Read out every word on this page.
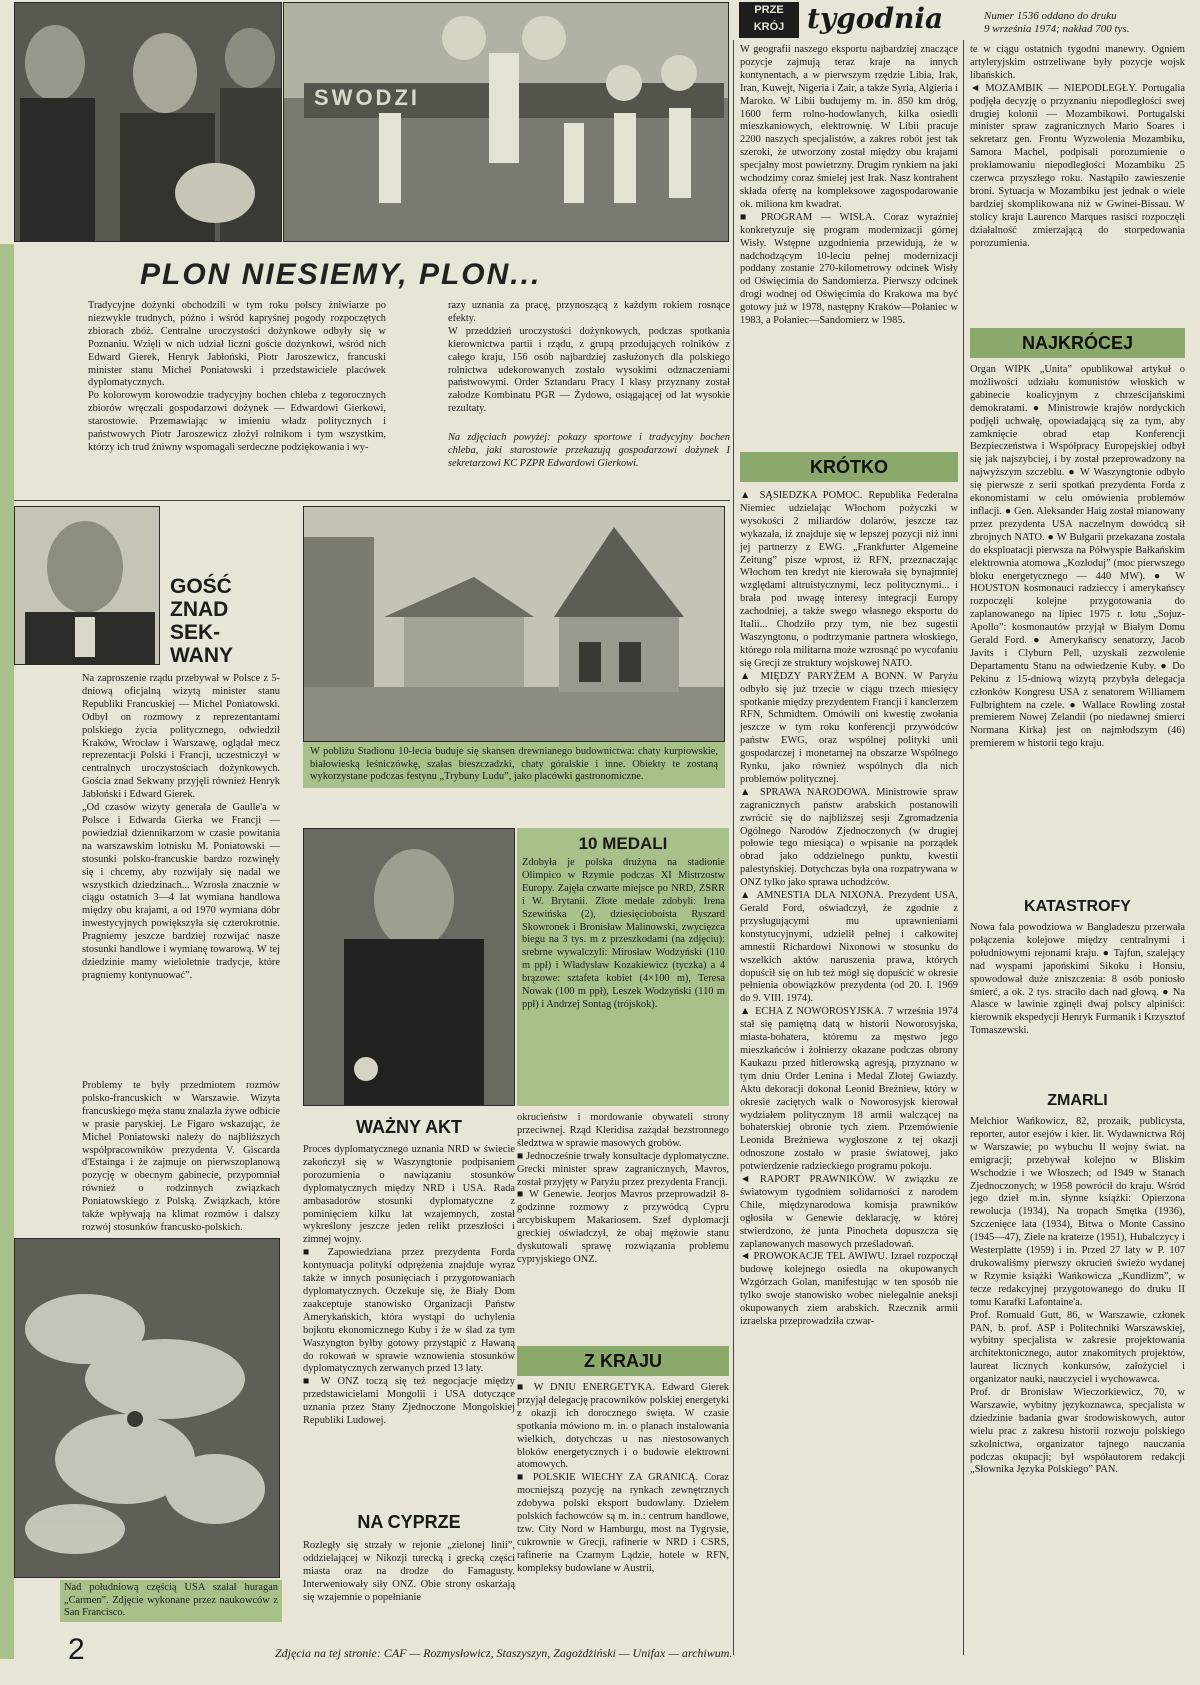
SWODZI
PRZE
KRÓJ tygodnia	Numer 1536 oddano do druku
9 września 1974; nakład 700 tys.
PLON NIESIEMY, PLON...
Tradycyjne dożynki obchodzili w tym roku polscy żniwiarze po niezwykle trudnych, późno i wśród kapryśnej pogody rozpoczętych zbiorach zbóż. Centralne uroczystości dożynkowe odbyły się w Poznaniu. Wzięli w nich udział liczni goście dożynkowi, wśród nich Edward Gierek, Henryk Jabłoński, Piotr Jaroszewicz, francuski minister stanu Michel Poniatowski i przedstawiciele placówek dyplomatycznych.
Po kolorowym korowodzie tradycyjny bochen chleba z tegorocznych zbiorów wręczali gospodarzowi dożynek — Edwardowi Gierkowi, starostowie. Przemawiając w imieniu władz politycznych i państwowych Piotr Jaroszewicz złożył rolnikom i tym wszystkim, którzy ich trud żniwny wspomagali serdeczne podziękowania i wy-
razy uznania za pracę, przynoszącą z każdym rokiem rosnące efekty.
W przeddzień uroczystości dożynkowych, podczas spotkania kierownictwa partii i rządu, z grupą przodujących rolników z całego kraju, 156 osób najbardziej zasłużonych dla polskiego rolnictwa udekorowanych zostało wysokimi odznaczeniami państwowymi. Order Sztandaru Pracy I klasy przyznany został załodze Kombinatu PGR — Żydowo, osiągającej od lat wysokie rezultaty.
Na zdjęciach powyżej: pokazy sportowe i tradycyjny bochen chleba, jaki starostowie przekazują gospodarzowi dożynek I sekretarzowi KC PZPR Edwardowi Gierkowi.
GOŚĆ
ZNAD
SEK-
WANY
Na zaproszenie rządu przebywał w Polsce z 5-dniową oficjalną wizytą minister stanu Republiki Francuskiej — Michel Poniatowski. Odbył on rozmowy z reprezentantami polskiego życia politycznego, odwiedził Kraków, Wrocław i Warszawę, oglądał mecz reprezentacji Polski i Francji, uczestniczył w centralnych uroczystościach dożynkowych. Gościa znad Sekwany przyjęli również Henryk Jabłoński i Edward Gierek.
„Od czasów wizyty generała de Gaulle'a w Polsce i Edwarda Gierka we Francji — powiedział dziennikarzom w czasie powitania na warszawskim lotnisku M. Poniatowski — stosunki polsko-francuskie bardzo rozwinęły się i chcemy, aby rozwijały się nadal we wszystkich dziedzinach... Wzrosła znacznie w ciągu ostatnich 3—4 lat wymiana handlowa między obu krajami, a od 1970 wymiana dóbr inwestycyjnych powiększyła się czterokrotnie. Pragniemy jeszcze bardziej rozwijać nasze stosunki handlowe i wymianę towarową. W tej dziedzinie mamy wieloletnie tradycje, które pragniemy kontynuować”.
Problemy te były przedmiotem rozmów polsko-francuskich w Warszawie. Wizyta francuskiego męża stanu znalazła żywe odbicie w prasie paryskiej. Le Figaro wskazując, że Michel Poniatowski należy do najbliższych współpracowników prezydenta V. Giscarda d'Estainga i że zajmuje on pierwszoplanową pozycję w obecnym gabinecie, przypomniał również o rodzinnych związkach Poniatowskiego z Polską. Związkach, które także wpływają na klimat rozmów i dalszy rozwój stosunków francusko-polskich.
Nad południową częścią USA szalał huragan „Carmen”. Zdjęcie wykonane przez naukowców z San Francisco.
W pobliżu Stadionu 10-lecia buduje się skansen drewnianego budownictwa: chaty kurpiowskie, białowieską leśniczówkę, szałas bieszczadzki, chaty góralskie i inne. Obiekty te zostaną wykorzystane podczas festynu „Trybuny Ludu”, jako placówki gastronomiczne.
10 MEDALI
Zdobyła je polska drużyna na stadionie Olimpico w Rzymie podczas XI Mistrzostw Europy. Zajęła czwarte miejsce po NRD, ZSRR i W. Brytanii. Złote medale zdobyli: Irena Szewińska (2), dziesięcioboista Ryszard Skowronek i Bronisław Malinowski, zwycięzca biegu na 3 tys. m z przeszkodami (na zdjęciu): srebrne wywalczyli: Mirosław Wodzyński (110 m ppł) i Władysław Kozakiewicz (tyczka) a 4 brązowe: sztafeta kobiet (4×100 m), Teresa Nowak (100 m ppł), Leszek Wodzyński (110 m ppł) i Andrzej Sontag (trójskok).
WAŻNY AKT
Proces dyplomatycznego uznania NRD w świecie zakończył się w Waszyngtonie podpisaniem porozumienia o nawiązaniu stosunków dyplomatycznych między NRD i USA. Rada ambasadorów stosunki dyplomatyczne z pominięciem kilku lat wzajemnych, został wykreślony jeszcze jeden relikt przeszłości i zimnej wojny.
■ Zapowiedziana przez prezydenta Forda kontynuacja polityki odprężenia znajduje wyraz także w innych posunięciach i przygotowaniach dyplomatycznych. Oczekuje się, że Biały Dom zaakceptuje stanowisko Organizacji Państw Amerykańskich, która wystąpi do uchylenia bojkotu ekonomicznego Kuby i że w ślad za tym Waszyngton byłby gotowy przystąpić z Hawaną do rokowań w sprawie wznowienia stosunków dyplomatycznych zerwanych przed 13 laty.
■ W ONZ toczą się też negocjacje między przedstawicielami Mongolii i USA dotyczące uznania przez Stany Zjednoczone Mongolskiej Republiki Ludowej.
okrucieństw i mordowanie obywateli strony przeciwnej. Rząd Kleridisa zażądał bezstronnego śledztwa w sprawie masowych grobów.
■ Jednocześnie trwały konsultacje dyplomatyczne. Grecki minister spraw zagranicznych, Mavros, został przyjęty w Paryżu przez prezydenta Francji.
■ W Genewie. Jeorjos Mavros przeprowadził 8-godzinne rozmowy z przywódcą Cypru arcybiskupem Makariosem. Szef dyplomacji greckiej oświadczył, że obaj mężowie stanu dyskutowali sprawę rozwiązania problemu cypryjskiego ONZ.
NA CYPRZE
Rozległy się strzały w rejonie „zielonej linii”, oddzielającej w Nikozji turecką i grecką części miasta oraz na drodze do Famagusty. Interweniowały siły ONZ. Obie strony oskarżają się wzajemnie o popełnianie
Z KRAJU
■ W DNIU ENERGETYKA. Edward Gierek przyjął delegację pracowników polskiej energetyki z okazji ich dorocznego święta. W czasie spotkania mówiono m. in. o planach instalowania wielkich, dotychczas u nas niestosowanych bloków energetycznych i o budowie elektrowni atomowych.
■ POLSKIE WIECHY ZA GRANICĄ. Coraz mocniejszą pozycję na rynkach zewnętrznych zdobywa polski eksport budowlany. Dziełem polskich fachowców są m. in.: centrum handlowe, tzw. City Nord w Hamburgu, most na Tygrysie, cukrownie w Grecji, rafinerie w NRD i CSRS, rafinerie na Czarnym Lądzie, hotele w RFN, kompleksy budowlane w Austrii,
W geografii naszego eksportu najbardziej znaczące pozycje zajmują teraz kraje na innych kontynentach, a w pierwszym rzędzie Libia, Irak, Iran, Kuwejt, Nigeria i Zair, a także Syria, Algieria i Maroko. W Libii budujemy m. in. 850 km dróg, 1600 ferm rolno-hodowlanych, kilka osiedli mieszkaniowych, elektrownię. W Libii pracuje 2200 naszych specjalistów, a zakres robót jest tak szeroki, że utworzony został między obu krajami specjalny most powietrzny. Drugim rynkiem na jaki wchodzimy coraz śmielej jest Irak. Nasz kontrahent składa ofertę na kompleksowe zagospodarowanie ok. miliona km kwadrat.
■ PROGRAM — WISŁA. Coraz wyraźniej konkretyzuje się program modernizacji górnej Wisły. Wstępne uzgodnienia przewidują, że w nadchodzącym 10-leciu pełnej modernizacji poddany zostanie 270-kilometrowy odcinek Wisły od Oświęcimia do Sandomierza. Pierwszy odcinek drogi wodnej od Oświęcimia do Krakowa ma być gotowy już w 1978, następny Kraków—Połaniec w 1983, a Połaniec—Sandomierz w 1985.
KRÓTKO
▲ SĄSIEDZKA POMOC. Republika Federalna Niemiec udzielając Włochom pożyczki w wysokości 2 miliardów dolarów, jeszcze raz wykazała, iż znajduje się w lepszej pozycji niż inni jej partnerzy z EWG. „Frankfurter Algemeine Zeitung” pisze wprost, iż RFN, przeznaczając Włochom ten kredyt nie kierowała się bynajmniej względami altruistycznymi, lecz politycznymi... i brała pod uwagę interesy integracji Europy zachodniej, a także swego własnego eksportu do Italii... Chodziło przy tym, nie bez sugestii Waszyngtonu, o podtrzymanie partnera włoskiego, którego rola militarna może wzrosnąć po wycofaniu się Grecji ze struktury wojskowej NATO.
▲ MIĘDZY PARYŻEM A BONN. W Paryżu odbyło się już trzecie w ciągu trzech miesięcy spotkanie między prezydentem Francji i kanclerzem RFN, Schmidtem. Omówili oni kwestię zwołania jeszcze w tym roku konferencji przywódców państw EWG, oraz wspólnej polityki unii gospodarczej i monetarnej na obszarze Wspólnego Rynku, jako również wspólnych dla nich problemów politycznej.
▲ SPRAWA NARODOWA. Ministrowie spraw zagranicznych państw arabskich postanowili zwrócić się do najbliższej sesji Zgromadzenia Ogólnego Narodów Zjednoczonych (w drugiej połowie tego miesiąca) o wpisanie na porządek obrad jako oddzielnego punktu, kwestii palestyńskiej. Dotychczas była ona rozpatrywana w ONZ tylko jako sprawa uchodźców.
▲ AMNESTIA DLA NIXONA. Prezydent USA, Gerald Ford, oświadczył, że zgodnie z przysługującymi mu uprawnieniami konstytucyjnymi, udzielił pełnej i całkowitej amnestii Richardowi Nixonowi w stosunku do wszelkich aktów naruszenia prawa, których dopuścił się on lub też mógł się dopuścić w okresie pełnienia obowiązków prezydenta (od 20. I. 1969 do 9. VIII. 1974).
▲ ECHA Z NOWOROSYJSKA. 7 września 1974 stał się pamiętną datą w historii Noworosyjska, miasta-bohatera, któremu za męstwo jego mieszkańców i żołnierzy okazane podczas obrony Kaukazu przed hitlerowską agresją, przyznano w tym dniu Order Lenina i Medal Złotej Gwiazdy. Aktu dekoracji dokonał Leonid Breżniew, który w okresie zaciętych walk o Noworosyjsk kierował wydziałem politycznym 18 armii walczącej na bohaterskiej obronie tych ziem. Przemówienie Leonida Breżniewa wygłoszone z tej okazji odnoszone zostało w prasie światowej, jako potwierdzenie radzieckiego programu pokoju.
◄ RAPORT PRAWNIKÓW. W związku ze światowym tygodniem solidarności z narodem Chile, międzynarodowa komisja prawników ogłosiła w Genewie deklarację, w której stwierdzono, że junta Pinocheta dopuszcza się zaplanowanych masowych prześladowań.
◄ PROWOKACJE TEL AWIWU. Izrael rozpoczął budowę kolejnego osiedla na okupowanych Wzgórzach Golan, manifestując w ten sposób nie tylko swoje stanowisko wobec nielegalnie aneksji okupowanych ziem arabskich. Rzecznik armii izraelska przeprowadziła czwar-
te w ciągu ostatnich tygodni manewry. Ogniem artyleryjskim ostrzeliwane były pozycje wojsk libańskich.
◄ MOZAMBIK — NIEPODLEGŁY. Portugalia podjęła decyzję o przyznaniu niepodległości swej drugiej kolonii — Mozambikowi. Portugalski minister spraw zagranicznych Mario Soares i sekretarz gen. Frontu Wyzwolenia Mozambiku, Samora Machel, podpisali porozumienie o proklamowaniu niepodległości Mozambiku 25 czerwca przyszłego roku. Nastąpiło zawieszenie broni. Sytuacja w Mozambiku jest jednak o wiele bardziej skomplikowana niż w Gwinei-Bissau. W stolicy kraju Laurenco Marques rasiści rozpoczęli działalność zmierzającą do storpedowania porozumienia.
NAJKRÓCEJ
Organ WIPK „Unita” opublikował artykuł o możliwości udziału komunistów włoskich w gabinecie koalicyjnym z chrześcijańskimi demokratami. ● Ministrowie krajów nordyckich podjęli uchwałę, opowiadającą się za tym, aby zamknięcie obrad etap Konferencji Bezpieczeństwa i Współpracy Europejskiej odbył się jak najszybciej, i by został przeprowadzony na najwyższym szczeblu. ● W Waszyngtonie odbyło się pierwsze z serii spotkań prezydenta Forda z ekonomistami w celu omówienia problemów inflacji. ● Gen. Aleksander Haig został mianowany przez prezydenta USA naczelnym dowódcą sił zbrojnych NATO. ● W Bułgarii przekazana została do eksploatacji pierwsza na Półwyspie Bałkańskim elektrownia atomowa „Kozłoduj” (moc pierwszego bloku energetycznego — 440 MW). ● W HOUSTON kosmonauci radzieccy i amerykańscy rozpoczęli kolejne przygotowania do zaplanowanego na lipiec 1975 r. lotu „Sojuz-Apollo”: kosmonautów przyjął w Białym Domu Gerald Ford. ● Amerykańscy senatorzy, Jacob Javits i Clyburn Pell, uzyskali zezwolenie Departamentu Stanu na odwiedzenie Kuby. ● Do Pekinu z 15-dniową wizytą przybyła delegacja członków Kongresu USA z senatorem Williamem Fulbrightem na czele. ● Wallace Rowling został premierem Nowej Zelandii (po niedawnej śmierci Normana Kirka) jest on najmłodszym (46) premierem w historii tego kraju.
KATASTROFY
Nowa fala powodziowa w Bangladeszu przerwała połączenia kolejowe między centralnymi i południowymi rejonami kraju. ● Tajfun, szalejący nad wyspami japońskimi Sikoku i Honsiu, spowodował duże zniszczenia: 8 osób poniosło śmierć, a ok. 2 tys. straciło dach nad głową. ● Na Alasce w lawinie zginęli dwaj polscy alpiniści: kierownik ekspedycji Henryk Furmanik i Krzysztof Tomaszewski.
ZMARLI
Melchior Wańkowicz, 82, prozaik, publicysta, reporter, autor esejów i kier. lit. Wydawnictwa Rój w Warszawie; po wybuchu II wojny świat. na emigracji; przebywał kolejno w Bliskim Wschodzie i we Włoszech; od 1949 w Stanach Zjednoczonych; w 1958 powrócił do kraju. Wśród jego dzieł m.in. słynne książki: Opierzona rewolucja (1934), Na tropach Smętka (1936), Szczenięce lata (1934), Bitwa o Monte Cassino (1945—47), Ziele na kraterze (1951), Hubalczycy i Westerplatte (1959) i in. Przed 27 laty w P. 107 drukowaliśmy pierwszy okrucień świeżo wydanej w Rzymie książki Wańkowicza „Kundlizm”, w tecze redakcyjnej przygotowanego do druku II tomu Karafki Lafontaine'a.
Prof. Romuald Gutt, 86, w Warszawie, członek PAN, b. prof. ASP i Politechniki Warszawskiej, wybitny specjalista w zakresie projektowania architektonicznego, autor znakomitych projektów, laureat licznych konkursów, założyciel i organizator nauki, nauczyciel i wychowawca.
Prof. dr Bronisław Wieczorkiewicz, 70, w Warszawie, wybitny językoznawca, specjalista w dziedzinie badania gwar środowiskowych, autor wielu prac z zakresu historii rozwoju polskiego szkolnictwa, organizator tajnego nauczania podczas okupacji; był współautorem redakcji „Słownika Języka Polskiego” PAN.
2	Zdjęcia na tej stronie: CAF — Rozmysłowicz, Staszyszyn, Zagożdżiński — Unifax — archiwum.
